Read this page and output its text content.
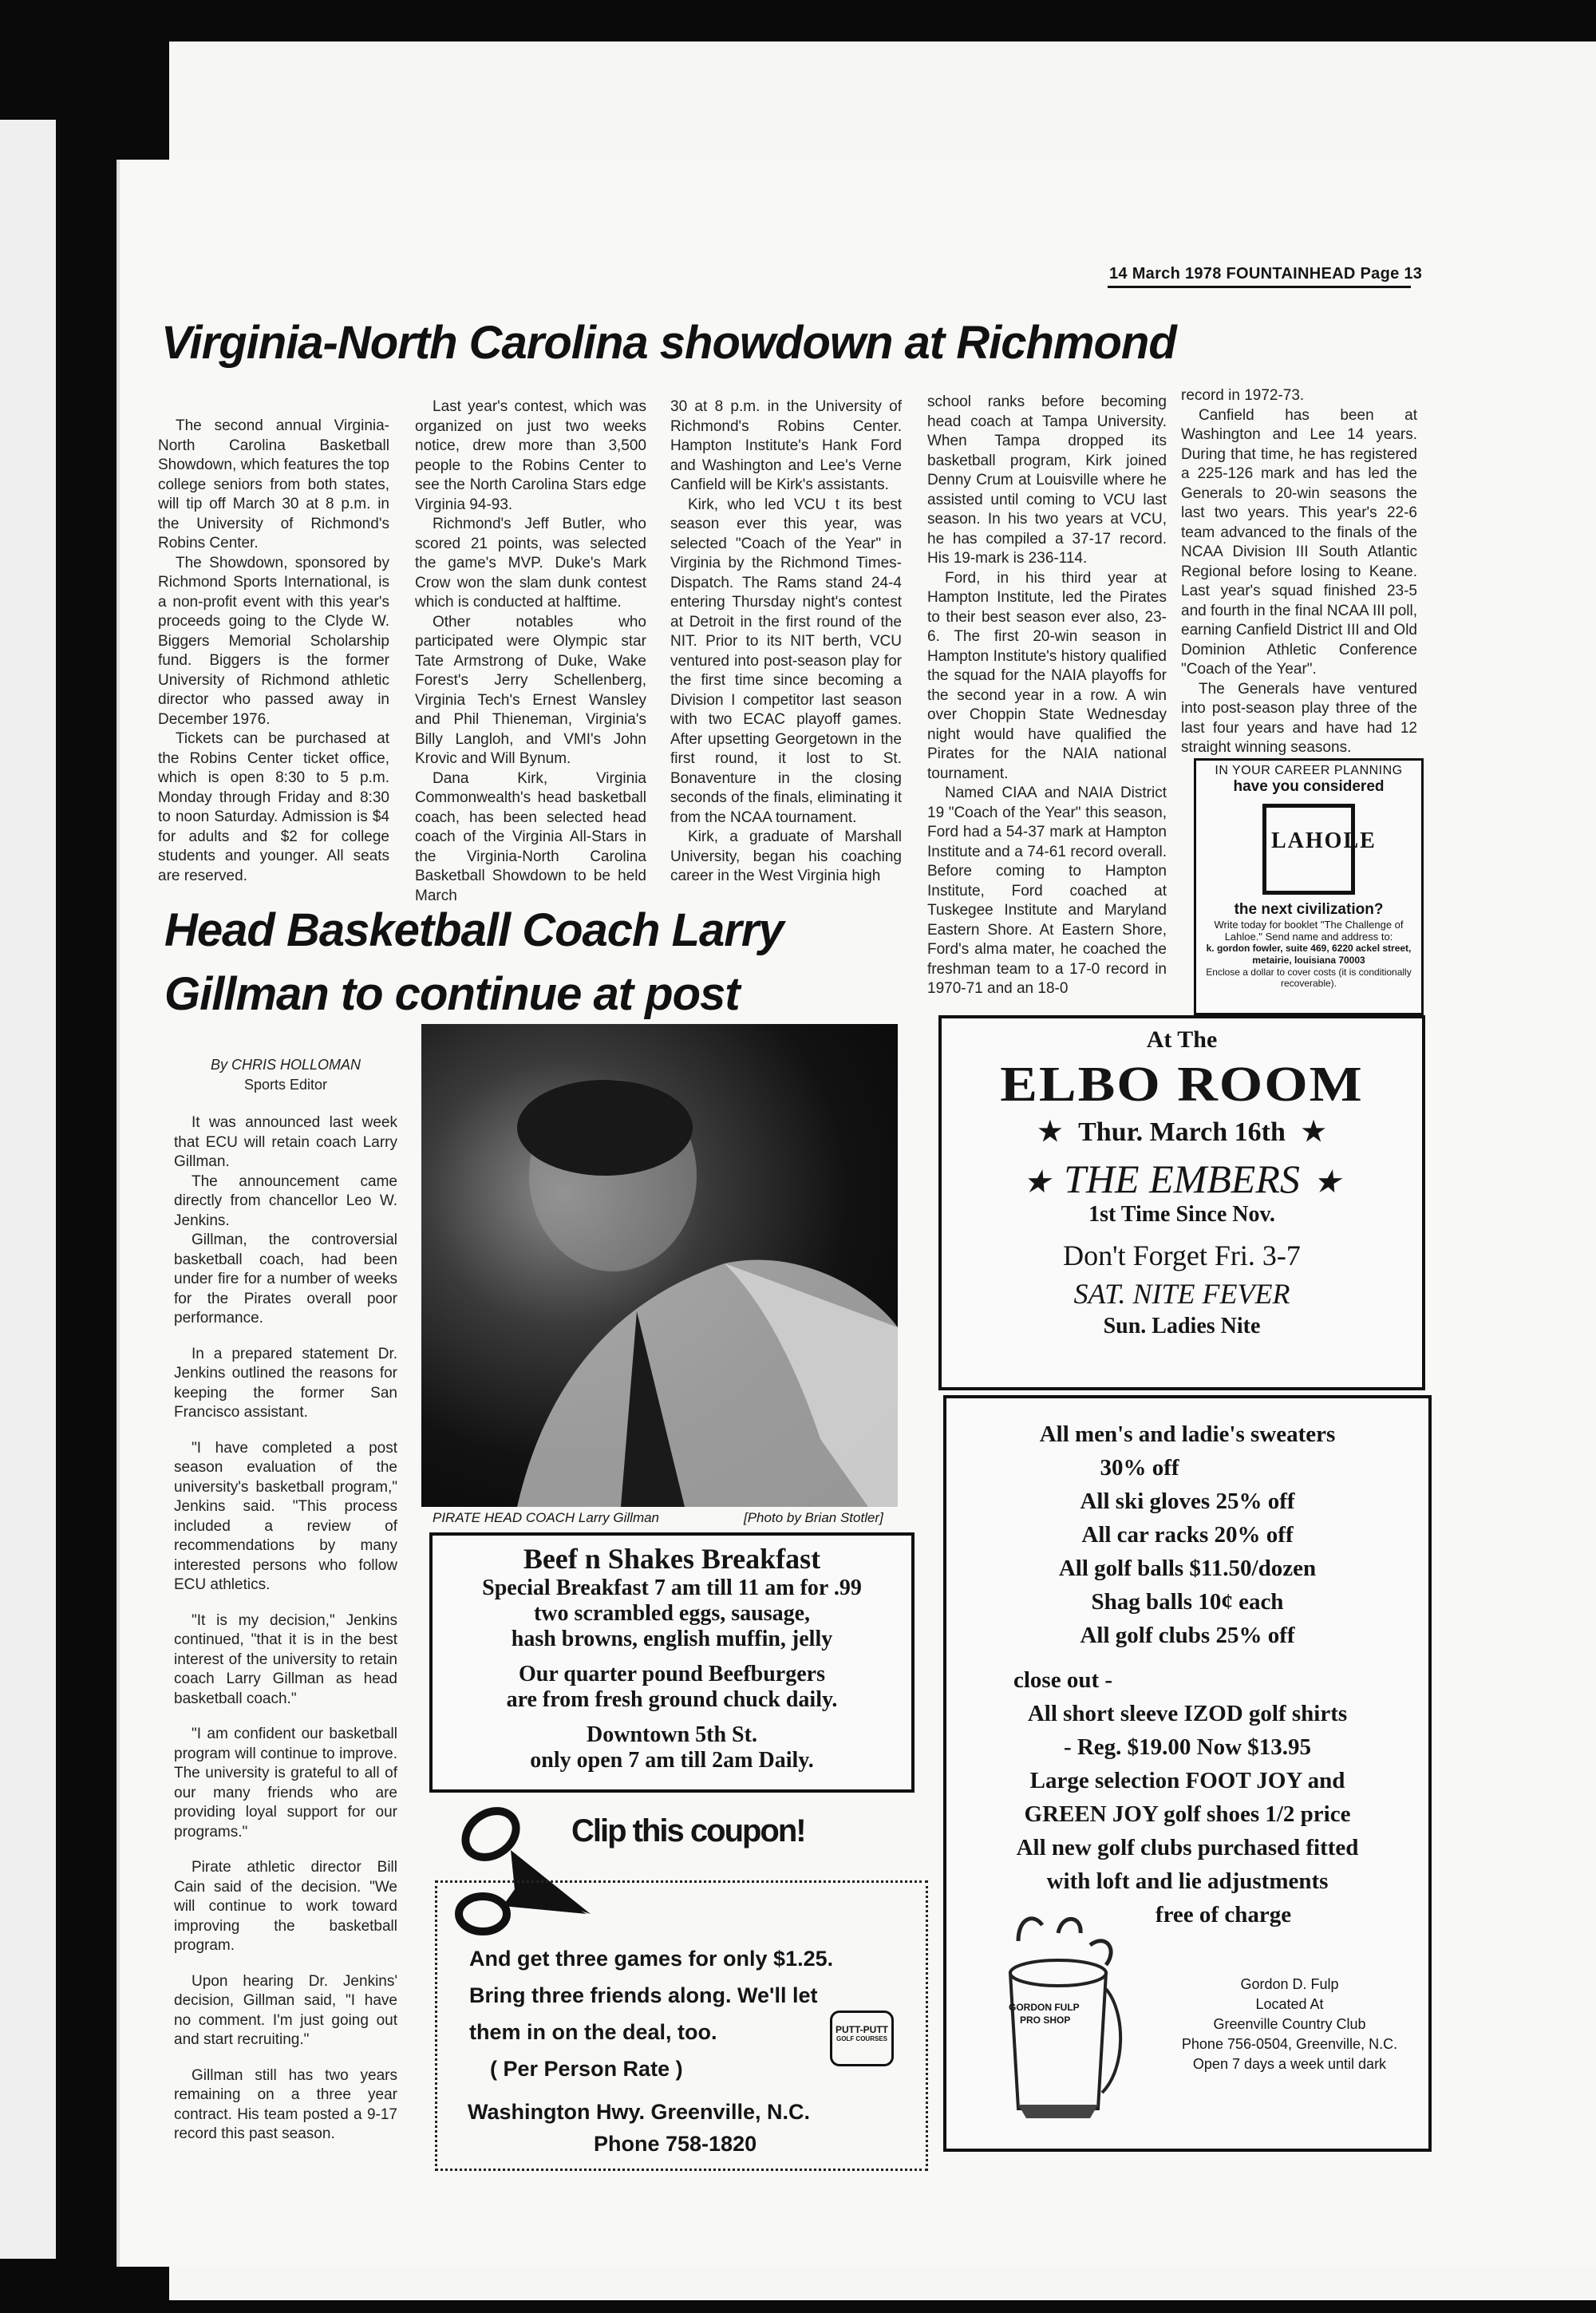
14 March 1978 FOUNTAINHEAD Page 13
Virginia-North Carolina showdown at Richmond

The second annual Virginia-North Carolina Basketball Showdown, which features the top college seniors from both states, will tip off March 30 at 8 p.m. in the University of Richmond's Robins Center.

The Showdown, sponsored by Richmond Sports International, is a non-profit event with this year's proceeds going to the Clyde W. Biggers Memorial Scholarship fund. Biggers is the former University of Richmond athletic director who passed away in December 1976.

Tickets can be purchased at the Robins Center ticket office, which is open 8:30 to 5 p.m. Monday through Friday and 8:30 to noon Saturday. Admission is $4 for adults and $2 for college students and younger. All seats are reserved.

Last year's contest, which was organized on just two weeks notice, drew more than 3,500 people to the Robins Center to see the North Carolina Stars edge Virginia 94-93.

Richmond's Jeff Butler, who scored 21 points, was selected the game's MVP. Duke's Mark Crow won the slam dunk contest which is conducted at halftime.

Other notables who participated were Olympic star Tate Armstrong of Duke, Wake Forest's Jerry Schellenberg, Virginia Tech's Ernest Wansley and Phil Thieneman, Virginia's Billy Langloh, and VMI's John Krovic and Will Bynum.

Dana Kirk, Virginia Commonwealth's head basketball coach, has been selected head coach of the Virginia All-Stars in the Virginia-North Carolina Basketball Showdown to be held March

30 at 8 p.m. in the University of Richmond's Robins Center. Hampton Institute's Hank Ford and Washington and Lee's Verne Canfield will be Kirk's assistants.

Kirk, who led VCU t its best season ever this year, was selected "Coach of the Year" in Virginia by the Richmond Times-Dispatch. The Rams stand 24-4 entering Thursday night's contest at Detroit in the first round of the NIT. Prior to its NIT berth, VCU ventured into post-season play for the first time since becoming a Division I competitor last season with two ECAC playoff games. After upsetting Georgetown in the first round, it lost to St. Bonaventure in the closing seconds of the finals, eliminating it from the NCAA tournament.

Kirk, a graduate of Marshall University, began his coaching career in the West Virginia high

school ranks before becoming head coach at Tampa University. When Tampa dropped its basketball program, Kirk joined Denny Crum at Louisville where he assisted until coming to VCU last season. In his two years at VCU, he has compiled a 37-17 record. His 19-mark is 236-114.

Ford, in his third year at Hampton Institute, led the Pirates to their best season ever also, 23-6. The first 20-win season in Hampton Institute's history qualified the squad for the NAIA playoffs for the second year in a row. A win over Choppin State Wednesday night would have qualified the Pirates for the NAIA national tournament.

Named CIAA and NAIA District 19 "Coach of the Year" this season, Ford had a 54-37 mark at Hampton Institute and a 74-61 record overall. Before coming to Hampton Institute, Ford coached at Tuskegee Institute and Maryland Eastern Shore. At Eastern Shore, Ford's alma mater, he coached the freshman team to a 17-0 record in 1970-71 and an 18-0

record in 1972-73.

Canfield has been at Washington and Lee 14 years. During that time, he has registered a 225-126 mark and has led the Generals to 20-win seasons the last two years. This year's 22-6 team advanced to the finals of the NCAA Division III South Atlantic Regional before losing to Keane. Last year's squad finished 23-5 and fourth in the final NCAA III poll, earning Canfield District III and Old Dominion Athletic Conference "Coach of the Year".

The Generals have ventured into post-season play three of the last four years and have had 12 straight winning seasons.

IN YOUR CAREER PLANNING
have you considered
LAHOLE
the next civilization?
Write today for booklet "The Challenge of Lahloe." Send name and address to:
k. gordon fowler, suite 469, 6220 ackel street, metairie, louisiana 70003
Enclose a dollar to cover costs (it is conditionally recoverable).
Head Basketball Coach Larry
Gillman to continue at post
By CHRIS HOLLOMAN
Sports Editor

It was announced last week that ECU will retain coach Larry Gillman.

The announcement came directly from chancellor Leo W. Jenkins.

Gillman, the controversial basketball coach, had been under fire for a number of weeks for the Pirates overall poor performance.

In a prepared statement Dr. Jenkins outlined the reasons for keeping the former San Francisco assistant.

"I have completed a post season evaluation of the university's basketball program," Jenkins said. "This process included a review of recommendations by many interested persons who follow ECU athletics.

"It is my decision," Jenkins continued, "that it is in the best interest of the university to retain coach Larry Gillman as head basketball coach."

"I am confident our basketball program will continue to improve. The university is grateful to all of our many friends who are providing loyal support for our programs."

Pirate athletic director Bill Cain said of the decision. "We will continue to work toward improving the basketball program.

Upon hearing Dr. Jenkins' decision, Gillman said, "I have no comment. I'm just going out and start recruiting."

Gillman still has two years remaining on a three year contract. His team posted a 9-17 record this past season.

PIRATE HEAD COACH Larry Gillman	[Photo by Brian Stotler]
Beef n Shakes Breakfast
Special Breakfast 7 am till 11 am for .99
two scrambled eggs, sausage,
hash browns, english muffin, jelly
Our quarter pound Beefburgers
are from fresh ground chuck daily.
Downtown 5th St.
only open 7 am till 2am Daily.
Clip this coupon!
And get three games for only $1.25.
Bring three friends along. We'll let
them in on the deal, too.
( Per Person Rate )
PUTT-PUTT
GOLF COURSES
Washington Hwy. Greenville, N.C.
Phone 758-1820
At The
ELBO ROOM
★ Thur. March 16th ★
★ THE EMBERS ★
1st Time Since Nov.
Don't Forget Fri. 3-7
SAT. NITE FEVER
Sun. Ladies Nite
All men's and ladie's sweaters
30% off
All ski gloves 25% off
All car racks 20% off
All golf balls $11.50/dozen
Shag balls 10¢ each
All golf clubs 25% off
close out -
All short sleeve IZOD golf shirts
- Reg. $19.00 Now $13.95
Large selection FOOT JOY and
GREEN JOY golf shoes 1/2 price
All new golf clubs purchased fitted
with loft and lie adjustments
free of charge
GORDON FULP
PRO SHOP
Gordon D. Fulp
Located At
Greenville Country Club
Phone 756-0504, Greenville, N.C.
Open 7 days a week until dark
